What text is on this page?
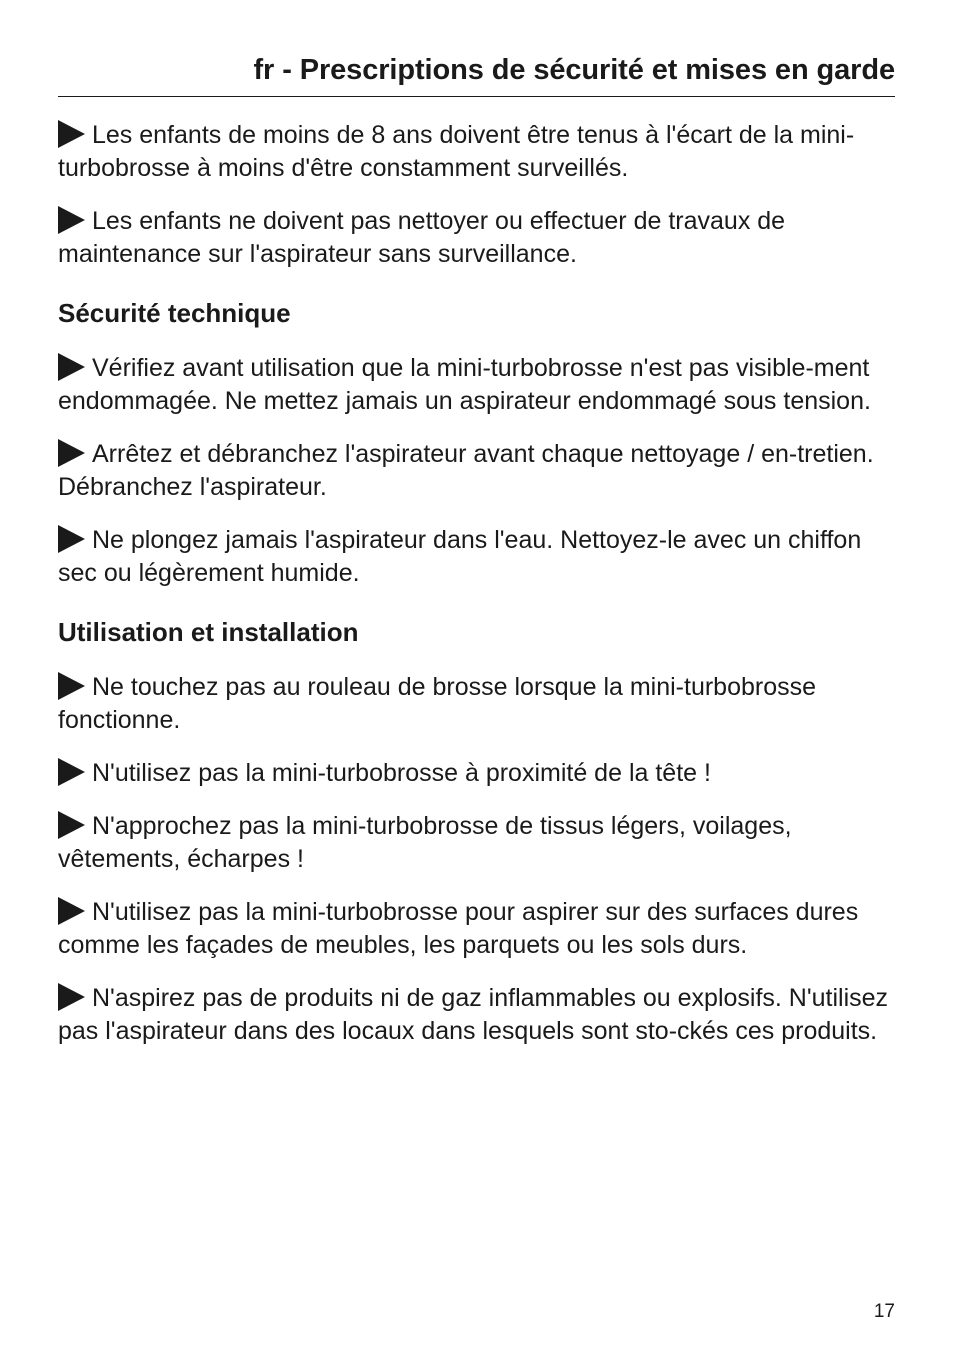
fr - Prescriptions de sécurité et mises en garde

Les enfants de moins de 8 ans doivent être tenus à l'écart de la mini-turbobrosse à moins d'être constamment surveillés.

Les enfants ne doivent pas nettoyer ou effectuer de travaux de maintenance sur l'aspirateur sans surveillance.

Sécurité technique

Vérifiez avant utilisation que la mini-turbobrosse n'est pas visible-ment endommagée. Ne mettez jamais un aspirateur endommagé sous tension.

Arrêtez et débranchez l'aspirateur avant chaque nettoyage / en-tretien. Débranchez l'aspirateur.

Ne plongez jamais l'aspirateur dans l'eau. Nettoyez-le avec un chiffon sec ou légèrement humide.

Utilisation et installation

Ne touchez pas au rouleau de brosse lorsque la mini-turbobrosse fonctionne.

N'utilisez pas la mini-turbobrosse à proximité de la tête !

N'approchez pas la mini-turbobrosse de tissus légers, voilages, vêtements, écharpes !

N'utilisez pas la mini-turbobrosse pour aspirer sur des surfaces dures comme les façades de meubles, les parquets ou les sols durs.

N'aspirez pas de produits ni de gaz inflammables ou explosifs. N'utilisez pas l'aspirateur dans des locaux dans lesquels sont sto-ckés ces produits.

17
